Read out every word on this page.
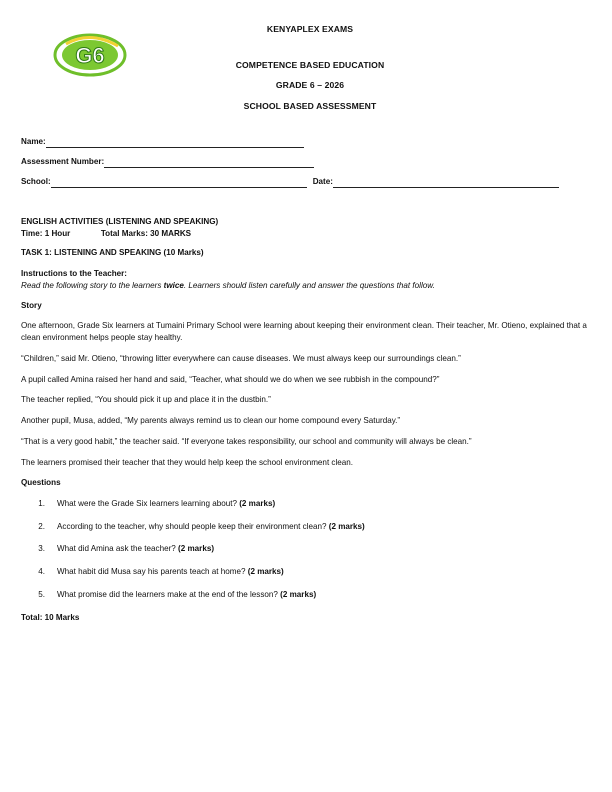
G6
KENYAPLEX EXAMS
COMPETENCE BASED EDUCATION
GRADE 6 – 2026
SCHOOL BASED ASSESSMENT
Name:
Assessment Number:
School:	Date:

ENGLISH ACTIVITIES (LISTENING AND SPEAKING)

Time: 1 Hour	Total Marks: 30 MARKS

TASK 1: LISTENING AND SPEAKING (10 Marks)

Instructions to the Teacher:

Read the following story to the learners twice. Learners should listen carefully and answer the questions that follow.

Story

One afternoon, Grade Six learners at Tumaini Primary School were learning about keeping their environment clean. Their teacher, Mr. Otieno, explained that a clean environment helps people stay healthy.

“Children,” said Mr. Otieno, “throwing litter everywhere can cause diseases. We must always keep our surroundings clean.”

A pupil called Amina raised her hand and said, “Teacher, what should we do when we see rubbish in the compound?”

The teacher replied, “You should pick it up and place it in the dustbin.”

Another pupil, Musa, added, “My parents always remind us to clean our home compound every Saturday.”

“That is a very good habit,” the teacher said. “If everyone takes responsibility, our school and community will always be clean.”

The learners promised their teacher that they would help keep the school environment clean.

Questions

1.	What were the Grade Six learners learning about? (2 marks)
2.	According to the teacher, why should people keep their environment clean? (2 marks)
3.	What did Amina ask the teacher? (2 marks)
4.	What habit did Musa say his parents teach at home? (2 marks)
5.	What promise did the learners make at the end of the lesson? (2 marks)

Total: 10 Marks
